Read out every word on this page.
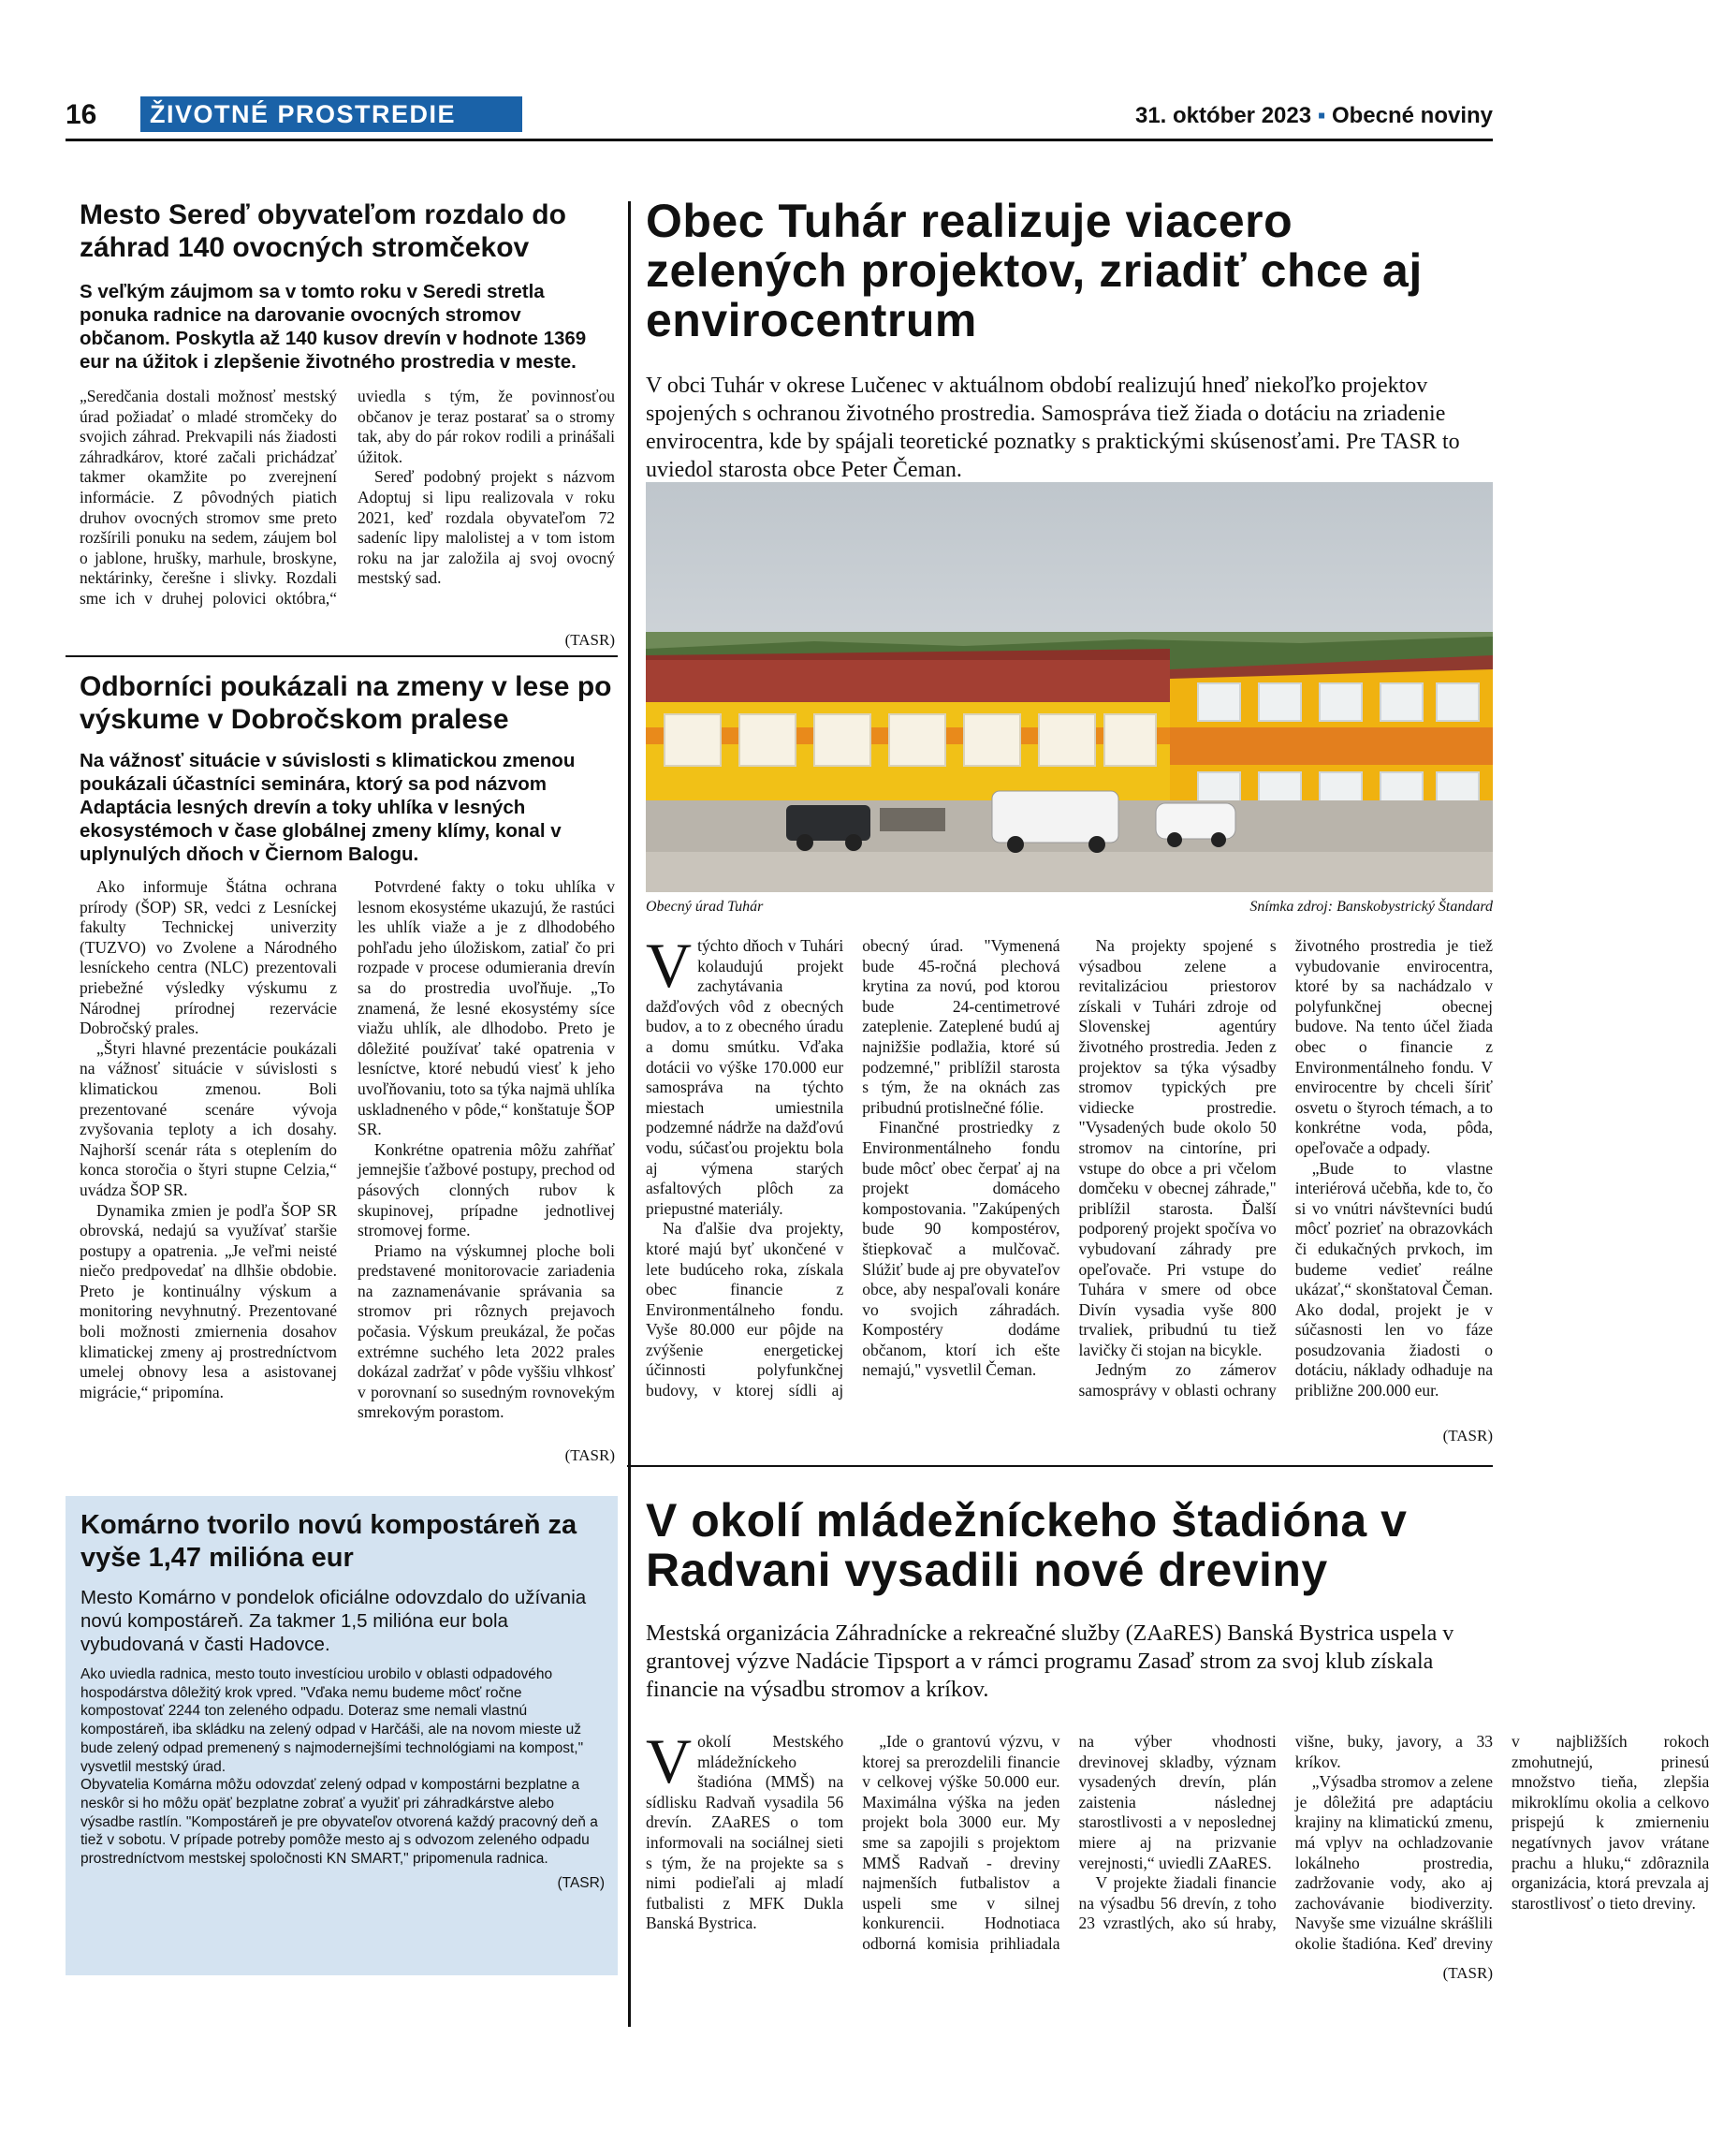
16	ŽIVOTNÉ PROSTREDIE	31. október 2023 ▪ Obecné noviny
Mesto Sereď obyvateľom rozdalo do záhrad 140 ovocných stromčekov
S veľkým záujmom sa v tomto roku v Seredi stretla ponuka radnice na darovanie ovocných stromov občanom. Poskytla až 140 kusov drevín v hodnote 1369 eur na úžitok i zlepšenie životného prostredia v meste.

„Seredčania dostali možnosť mestský úrad požiadať o mladé stromčeky do svojich záhrad. Prekvapili nás žiadosti záhradkárov, ktoré začali prichádzať takmer okamžite po zverejnení informácie. Z pôvodných piatich druhov ovocných stromov sme preto rozšírili ponuku na sedem, záujem bol o jablone, hrušky, marhule, broskyne, nektárinky, čerešne i slivky. Rozdali sme ich v druhej polovici októbra,“ uviedla s tým, že povinnosťou občanov je teraz postarať sa o stromy tak, aby do pár rokov rodili a prinášali úžitok.

Sereď podobný projekt s názvom Adoptuj si lipu realizovala v roku 2021, keď rozdala obyvateľom 72 sadeníc lipy malolistej a v tom istom roku na jar založila aj svoj ovocný mestský sad.

(TASR)
Odborníci poukázali na zmeny v lese po výskume v Dobročskom pralese
Na vážnosť situácie v súvislosti s klimatickou zmenou poukázali účastníci seminára, ktorý sa pod názvom Adaptácia lesných drevín a toky uhlíka v lesných ekosystémoch v čase globálnej zmeny klímy, konal v uplynulých dňoch v Čiernom Balogu.

Ako informuje Štátna ochrana prírody (ŠOP) SR, vedci z Lesníckej fakulty Technickej univerzity (TUZVO) vo Zvolene a Národného lesníckeho centra (NLC) prezentovali priebežné výsledky výskumu z Národnej prírodnej rezervácie Dobročský prales.

„Štyri hlavné prezentácie poukázali na vážnosť situácie v súvislosti s klimatickou zmenou. Boli prezentované scenáre vývoja zvyšovania teploty a ich dosahy. Najhorší scenár ráta s oteplením do konca storočia o štyri stupne Celzia,“ uvádza ŠOP SR.

Dynamika zmien je podľa ŠOP SR obrovská, nedajú sa využívať staršie postupy a opatrenia. „Je veľmi neisté niečo predpovedať na dlhšie obdobie. Preto je kontinuálny výskum a monitoring nevyhnutný. Prezentované boli možnosti zmiernenia dosahov klimatickej zmeny aj prostredníctvom umelej obnovy lesa a asistovanej migrácie,“ pripomína.

Potvrdené fakty o toku uhlíka v lesnom ekosystéme ukazujú, že rastúci les uhlík viaže a je z dlhodobého pohľadu jeho úložiskom, zatiaľ čo pri rozpade v procese odumierania drevín sa do prostredia uvoľňuje. „To znamená, že lesné ekosystémy síce viažu uhlík, ale dlhodobo. Preto je dôležité používať také opatrenia v lesníctve, ktoré nebudú viesť k jeho uvoľňovaniu, toto sa týka najmä uhlíka uskladneného v pôde,“ konštatuje ŠOP SR.

Konkrétne opatrenia môžu zahŕňať jemnejšie ťažbové postupy, prechod od pásových clonných rubov k skupinovej, prípadne jednotlivej stromovej forme.

Priamo na výskumnej ploche boli predstavené monitorovacie zariadenia na zaznamenávanie správania sa stromov pri rôznych prejavoch počasia. Výskum preukázal, že počas extrémne suchého leta 2022 prales dokázal zadržať v pôde vyššiu vlhkosť v porovnaní so susedným rovnovekým smrekovým porastom.

(TASR)
Komárno tvorilo novú kompostáreň za vyše 1,47 milióna eur
Mesto Komárno v pondelok oficiálne odovzdalo do užívania novú kompostáreň. Za takmer 1,5 milióna eur bola vybudovaná v časti Hadovce.

Ako uviedla radnica, mesto touto investíciou urobilo v oblasti odpadového hospodárstva dôležitý krok vpred. "Vďaka nemu budeme môcť ročne kompostovať 2244 ton zeleného odpadu. Doteraz sme nemali vlastnú kompostáreň, iba skládku na zelený odpad v Harčáši, ale na novom mieste už bude zelený odpad premenený s najmodernejšími technológiami na kompost," vysvetlil mestský úrad.

Obyvatelia Komárna môžu odovzdať zelený odpad v kompostárni bezplatne a neskôr si ho môžu opäť bezplatne zobrať a využiť pri záhradkárstve alebo výsadbe rastlín. "Kompostáreň je pre obyvateľov otvorená každý pracovný deň a tiež v sobotu. V prípade potreby pomôže mesto aj s odvozom zeleného odpadu prostredníctvom mestskej spoločnosti KN SMART," pripomenula radnica.

(TASR)
Obec Tuhár realizuje viacero zelených projektov, zriadiť chce aj envirocentrum
V obci Tuhár v okrese Lučenec v aktuálnom období realizujú hneď niekoľko projektov spojených s ochranou životného prostredia. Samospráva tiež žiada o dotáciu na zriadenie envirocentra, kde by spájali teoretické poznatky s praktickými skúsenosťami. Pre TASR to uviedol starosta obce Peter Čeman.
Obecný úrad Tuhár	Snímka zdroj: Banskobystrický Štandard

Vtýchto dňoch v Tuhári kolaudujú projekt zachytávania dažďových vôd z obecných budov, a to z obecného úradu a domu smútku. Vďaka dotácii vo výške 170.000 eur samospráva na týchto miestach umiestnila podzemné nádrže na dažďovú vodu, súčasťou projektu bola aj výmena starých asfaltových plôch za priepustné materiály.

Na ďalšie dva projekty, ktoré majú byť ukončené v lete budúceho roka, získala obec financie z Environmentálneho fondu. Vyše 80.000 eur pôjde na zvýšenie energetickej účinnosti polyfunkčnej budovy, v ktorej sídli aj obecný úrad. "Vymenená bude 45-ročná plechová krytina za novú, pod ktorou bude 24-centimetrové zateplenie. Zateplené budú aj najnižšie podlažia, ktoré sú podzemné," priblížil starosta s tým, že na oknách zas pribudnú protislnečné fólie.

Finančné prostriedky z Environmentálneho fondu bude môcť obec čerpať aj na projekt domáceho kompostovania. "Zakúpených bude 90 kompostérov, štiepkovač a mulčovač. Slúžiť bude aj pre obyvateľov obce, aby nespaľovali konáre vo svojich záhradách. Kompostéry dodáme občanom, ktorí ich ešte nemajú," vysvetlil Čeman.

Na projekty spojené s výsadbou zelene a revitalizáciou priestorov získali v Tuhári zdroje od Slovenskej agentúry životného prostredia. Jeden z projektov sa týka výsadby stromov typických pre vidiecke prostredie. "Vysadených bude okolo 50 stromov na cintoríne, pri vstupe do obce a pri včelom domčeku v obecnej záhrade," priblížil starosta. Ďalší podporený projekt spočíva vo vybudovaní záhrady pre opeľovače. Pri vstupe do Tuhára v smere od obce Divín vysadia vyše 800 trvaliek, pribudnú tu tiež lavičky či stojan na bicykle.

Jedným zo zámerov samosprávy v oblasti ochrany životného prostredia je tiež vybudovanie envirocentra, ktoré by sa nachádzalo v polyfunkčnej obecnej budove. Na tento účel žiada obec o financie z Environmentálneho fondu. V envirocentre by chceli šíriť osvetu o štyroch témach, a to konkrétne voda, pôda, opeľovače a odpady.

„Bude to vlastne interiérová učebňa, kde to, čo si vo vnútri návštevníci budú môcť pozrieť na obrazovkách či edukačných prvkoch, im budeme vedieť reálne ukázať,“ skonštatoval Čeman. Ako dodal, projekt je v súčasnosti len vo fáze posudzovania žiadosti o dotáciu, náklady odhaduje na približne 200.000 eur.

(TASR)
V okolí mládežníckeho štadióna v Radvani vysadili nové dreviny
Mestská organizácia Záhradnícke a rekreačné služby (ZAaRES) Banská Bystrica uspela v grantovej výzve Nadácie Tipsport a v rámci programu Zasaď strom za svoj klub získala financie na výsadbu stromov a kríkov.

Vokolí Mestského mládežníckeho štadióna (MMŠ) na sídlisku Radvaň vysadila 56 drevín. ZAaRES o tom informovali na sociálnej sieti s tým, že na projekte sa s nimi podieľali aj mladí futbalisti z MFK Dukla Banská Bystrica.

„Ide o grantovú výzvu, v ktorej sa prerozdelili financie v celkovej výške 50.000 eur. Maximálna výška na jeden projekt bola 3000 eur. My sme sa zapojili s projektom MMŠ Radvaň - dreviny najmenších futbalistov a uspeli sme v silnej konkurencii. Hodnotiaca odborná komisia prihliadala na výber vhodnosti drevinovej skladby, význam vysadených drevín, plán zaistenia následnej starostlivosti a v neposlednej miere aj na prizvanie verejnosti,“ uviedli ZAaRES.

V projekte žiadali financie na výsadbu 56 drevín, z toho 23 vzrastlých, ako sú hraby, višne, buky, javory, a 33 kríkov.

„Výsadba stromov a zelene je dôležitá pre adaptáciu krajiny na klimatickú zmenu, má vplyv na ochladzovanie lokálneho prostredia, zadržovanie vody, ako aj zachovávanie biodiverzity. Navyše sme vizuálne skrášlili okolie štadióna. Keď dreviny v najbližších rokoch zmohutnejú, prinesú množstvo tieňa, zlepšia mikroklímu okolia a celkovo prispejú k zmierneniu negatívnych javov vrátane prachu a hluku,“ zdôraznila organizácia, ktorá prevzala aj starostlivosť o tieto dreviny.

(TASR)
